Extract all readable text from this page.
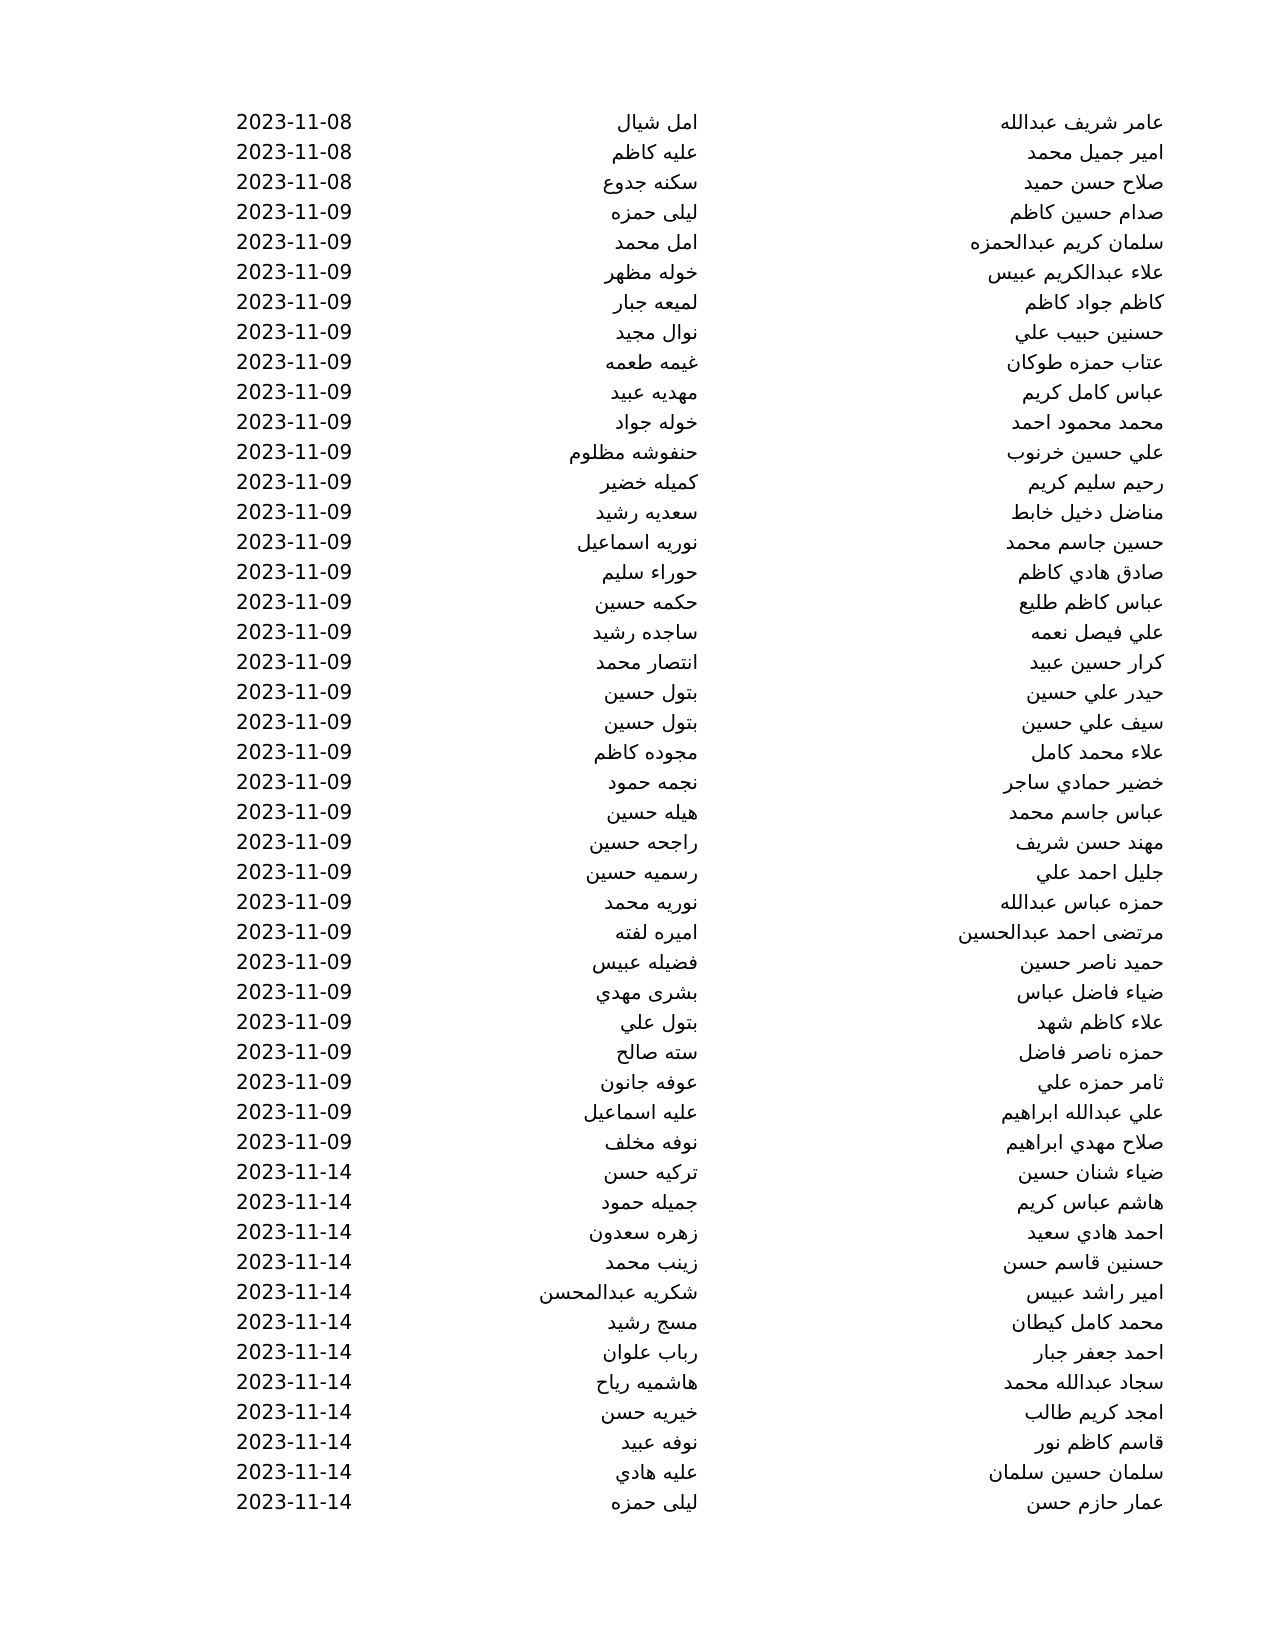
عامر شريف عبدالله
امل شيال
2023-11-08
امير جميل محمد
عليه كاظم
2023-11-08
صلاح حسن حميد
سكنه جدوع
2023-11-08
صدام حسين كاظم
ليلى حمزه
2023-11-09
سلمان كريم عبدالحمزه
امل محمد
2023-11-09
علاء عبدالكريم عبيس
خوله مظهر
2023-11-09
كاظم جواد كاظم
لميعه جبار
2023-11-09
حسنين حبيب علي
نوال مجيد
2023-11-09
عتاب حمزه طوكان
غيمه طعمه
2023-11-09
عباس كامل كريم
مهديه عبيد
2023-11-09
محمد محمود احمد
خوله جواد
2023-11-09
علي حسين خرنوب
حنفوشه مظلوم
2023-11-09
رحيم سليم كريم
كميله خضير
2023-11-09
مناضل دخيل خابط
سعديه رشيد
2023-11-09
حسين جاسم محمد
نوريه اسماعيل
2023-11-09
صادق هادي كاظم
حوراء سليم
2023-11-09
عباس كاظم طليع
حكمه حسين
2023-11-09
علي فيصل نعمه
ساجده رشيد
2023-11-09
كرار حسين عبيد
انتصار محمد
2023-11-09
حيدر علي حسين
بتول حسين
2023-11-09
سيف علي حسين
بتول حسين
2023-11-09
علاء محمد كامل
مجوده كاظم
2023-11-09
خضير حمادي ساجر
نجمه حمود
2023-11-09
عباس جاسم محمد
هيله حسين
2023-11-09
مهند حسن شريف
راجحه حسين
2023-11-09
جليل احمد علي
رسميه حسين
2023-11-09
حمزه عباس عبدالله
نوريه محمد
2023-11-09
مرتضى احمد عبدالحسين
اميره لفته
2023-11-09
حميد ناصر حسين
فضيله عبيس
2023-11-09
ضياء فاضل عباس
بشرى مهدي
2023-11-09
علاء كاظم شهد
بتول علي
2023-11-09
حمزه ناصر فاضل
سته صالح
2023-11-09
ثامر حمزه علي
عوفه جانون
2023-11-09
علي عبدالله ابراهيم
عليه اسماعيل
2023-11-09
صلاح مهدي ابراهيم
نوفه مخلف
2023-11-09
ضياء شنان حسين
تركيه حسن
2023-11-14
هاشم عباس كريم
جميله حمود
2023-11-14
احمد هادي سعيد
زهره سعدون
2023-11-14
حسنين قاسم حسن
زينب محمد
2023-11-14
امير راشد عبيس
شكريه عبدالمحسن
2023-11-14
محمد كامل كيطان
مسج رشيد
2023-11-14
احمد جعفر جبار
رباب علوان
2023-11-14
سجاد عبدالله محمد
هاشميه رياح
2023-11-14
امجد كريم طالب
خيريه حسن
2023-11-14
قاسم كاظم نور
نوفه عبيد
2023-11-14
سلمان حسين سلمان
عليه هادي
2023-11-14
عمار حازم حسن
ليلى حمزه
2023-11-14
